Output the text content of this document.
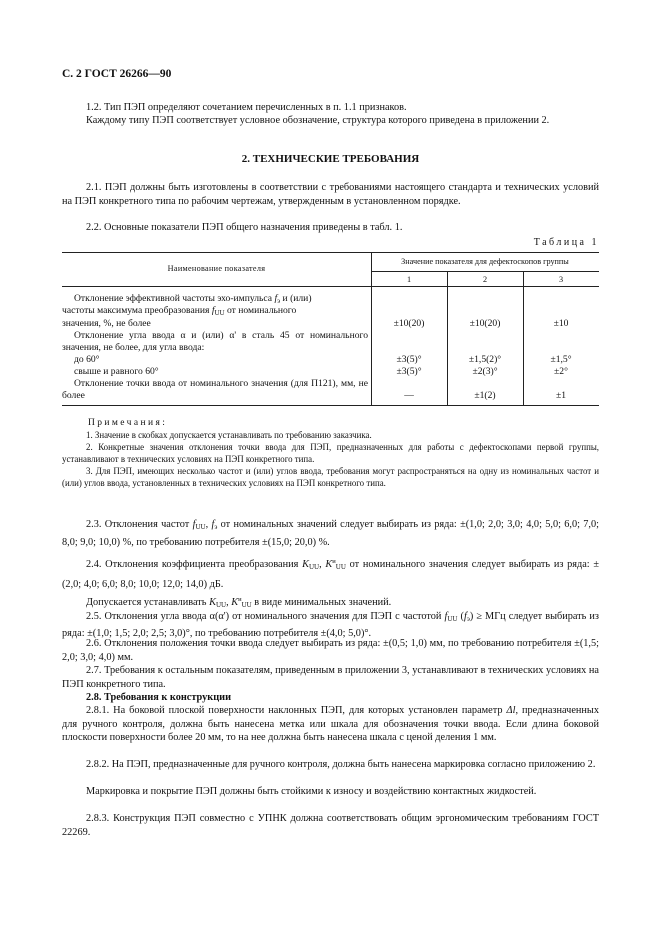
С. 2 ГОСТ 26266—90
1.2. Тип ПЭП определяют сочетанием перечисленных в п. 1.1 признаков.
Каждому типу ПЭП соответствует условное обозначение, структура которого приведена в приложении 2.
2. ТЕХНИЧЕСКИЕ ТРЕБОВАНИЯ
2.1. ПЭП должны быть изготовлены в соответствии с требованиями настоящего стандарта и технических условий на ПЭП конкретного типа по рабочим чертежам, утвержденным в установленном порядке.
2.2. Основные показатели ПЭП общего назначения приведены в табл. 1.
Таблица 1
Наименование показателя
Значение показателя для дефектоскопов группы
1	2	3
Отклонение эффективной частоты эхо-импульса $f_э$ и (или)
частоты максимума преобразования $f_{UU}$ от номинального
значения, %, не более	±10(20)	±10(20)	±10
Отклонение угла ввода α и (или) α' в сталь 45 от номинального значения, не более, для угла ввода:
до 60°	±3(5)°	±1,5(2)°	±1,5°
свыше и равного 60°	±3(5)°	±2(3)°	±2°
Отклонение точки ввода от номинального значения (для П121), мм, не более	—	±1(2)	±1
Примечания:
1. Значение в скобках допускается устанавливать по требованию заказчика.
2. Конкретные значения отклонения точки ввода для ПЭП, предназначенных для работы с дефектоскопами первой группы, устанавливают в технических условиях на ПЭП конкретного типа.
3. Для ПЭП, имеющих несколько частот и (или) углов ввода, требования могут распространяться на одну из номинальных частот и (или) углов ввода, установленных в технических условиях на ПЭП конкретного типа.
2.3. Отклонения частот $f_{UU}$, $f_э$ от номинальных значений следует выбирать из ряда: ±(1,0; 2,0; 3,0; 4,0; 5,0; 6,0; 7,0; 8,0; 9,0; 10,0) %, по требованию потребителя ±(15,0; 20,0) %.
2.4. Отклонения коэффициента преобразования $K_{UU}$, $K^и_{UU}$ от номинального значения следует выбирать из ряда: ±(2,0; 4,0; 6,0; 8,0; 10,0; 12,0; 14,0) дБ.
Допускается устанавливать $K_{UU}$, $K^и_{UU}$ в виде минимальных значений.
2.5. Отклонения угла ввода α(α') от номинального значения для ПЭП с частотой $f_{UU}$ $(f_э)$ ≥ МГц следует выбирать из ряда: ±(1,0; 1,5; 2,0; 2,5; 3,0)°, по требованию потребителя ±(4,0; 5,0)°.
2.6. Отклонения положения точки ввода следует выбирать из ряда: ±(0,5; 1,0) мм, по требованию потребителя ±(1,5; 2,0; 3,0; 4,0) мм.
2.7. Требования к остальным показателям, приведенным в приложении 3, устанавливают в технических условиях на ПЭП конкретного типа.
2.8. Требования к конструкции
2.8.1. На боковой плоской поверхности наклонных ПЭП, для которых установлен параметр Δl, предназначенных для ручного контроля, должна быть нанесена метка или шкала для обозначения точки ввода. Если длина боковой плоскости поверхности более 20 мм, то на нее должна быть нанесена шкала с ценой деления 1 мм.
2.8.2. На ПЭП, предназначенные для ручного контроля, должна быть нанесена маркировка согласно приложению 2.
Маркировка и покрытие ПЭП должны быть стойкими к износу и воздействию контактных жидкостей.
2.8.3. Конструкция ПЭП совместно с УПНК должна соответствовать общим эргономическим требованиям ГОСТ 22269.
